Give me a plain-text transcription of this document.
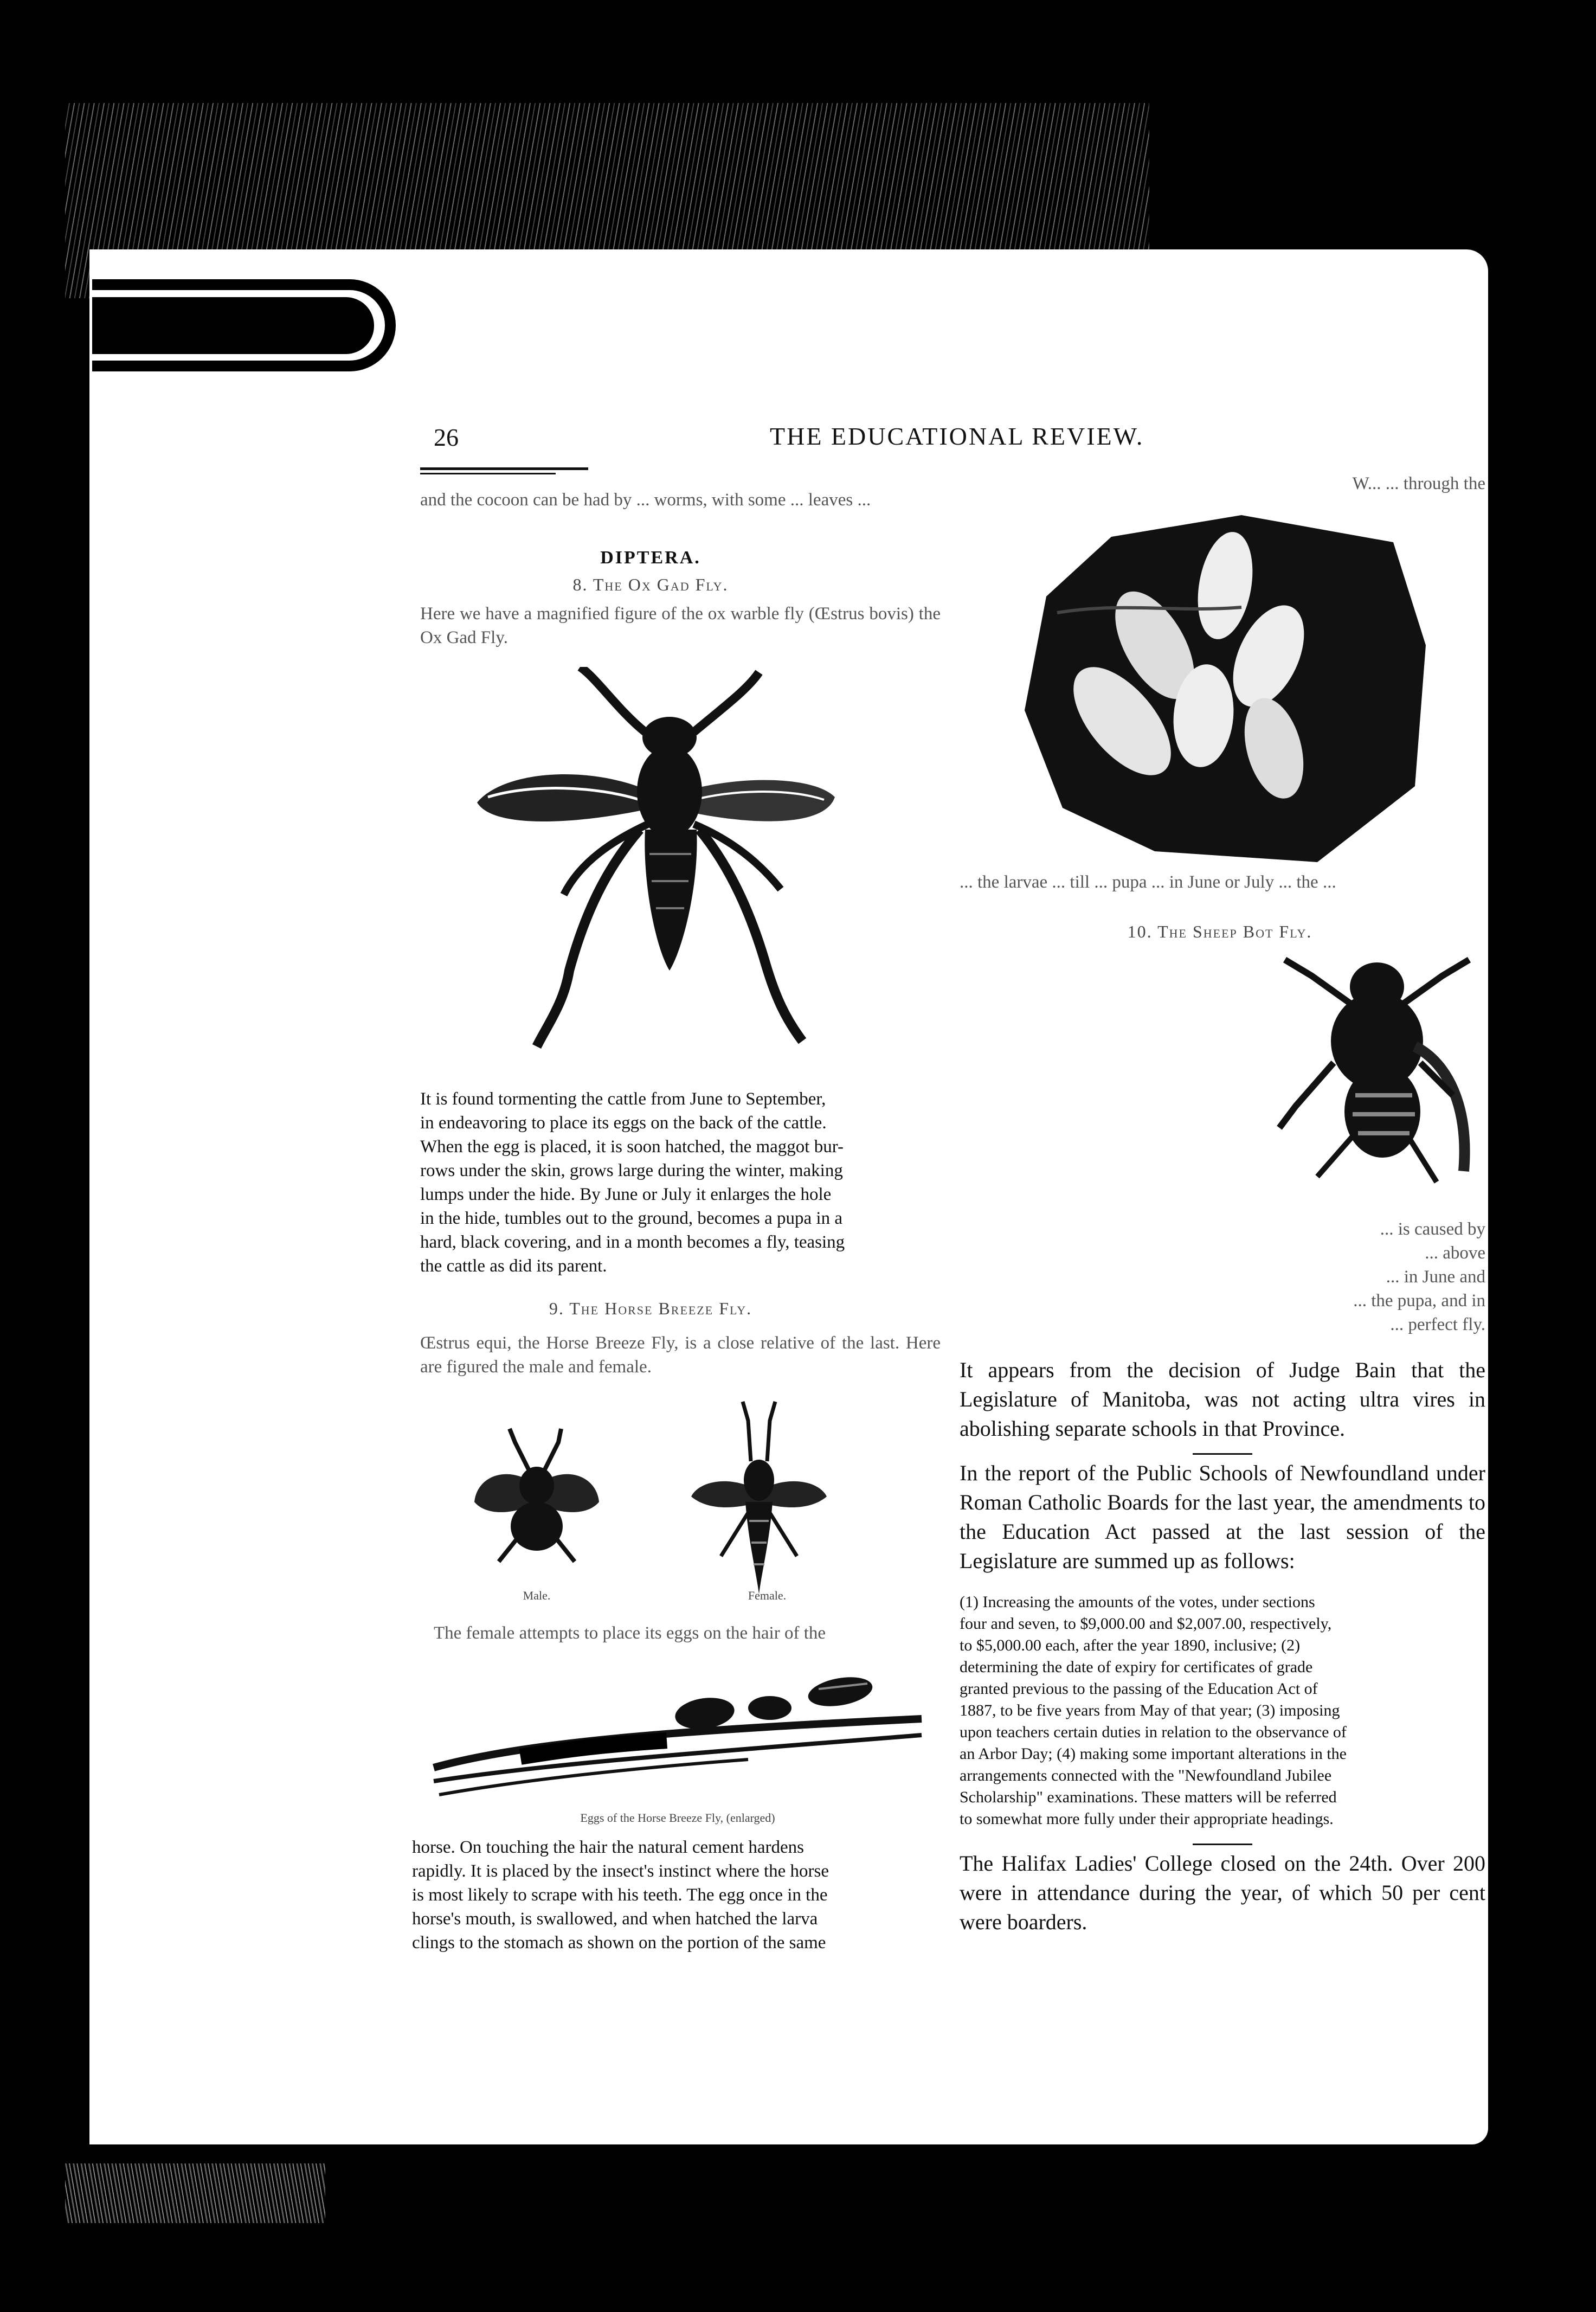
26	THE EDUCATIONAL REVIEW.
and the cocoon can be had by ... worms, with some ... leaves ...
DIPTERA.
8. The Ox Gad Fly.
Here we have a magnified figure of the ox warble fly (Œstrus bovis) the Ox Gad Fly.
It is found tormenting the cattle from June to September,
in endeavoring to place its eggs on the back of the cattle.
When the egg is placed, it is soon hatched, the maggot bur-
rows under the skin, grows large during the winter, making
lumps under the hide. By June or July it enlarges the hole
in the hide, tumbles out to the ground, becomes a pupa in a
hard, black covering, and in a month becomes a fly, teasing
the cattle as did its parent.
9. The Horse Breeze Fly.
Œstrus equi, the Horse Breeze Fly, is a close relative of the last. Here are figured the male and female.
Male.	Female.
The female attempts to place its eggs on the hair of the
Eggs of the Horse Breeze Fly, (enlarged)
horse. On touching the hair the natural cement hardens
rapidly. It is placed by the insect's instinct where the horse
is most likely to scrape with his teeth. The egg once in the
horse's mouth, is swallowed, and when hatched the larva
clings to the stomach as shown on the portion of the same
W... ... through the
... the larvae ... till ... pupa ... in June or July ... the ...
10. The Sheep Bot Fly.
... is caused by
... above
... in June and
... the pupa, and in
... perfect fly.
It appears from the decision of Judge Bain that the Legislature of Manitoba, was not acting ultra vires in abolishing separate schools in that Province.
In the report of the Public Schools of Newfoundland under Roman Catholic Boards for the last year, the amendments to the Education Act passed at the last session of the Legislature are summed up as follows:
(1) Increasing the amounts of the votes, under sections
four and seven, to $9,000.00 and $2,007.00, respectively,
to $5,000.00 each, after the year 1890, inclusive; (2)
determining the date of expiry for certificates of grade
granted previous to the passing of the Education Act of
1887, to be five years from May of that year; (3) imposing
upon teachers certain duties in relation to the observance of
an Arbor Day; (4) making some important alterations in the
arrangements connected with the "Newfoundland Jubilee
Scholarship" examinations. These matters will be referred
to somewhat more fully under their appropriate headings.
The Halifax Ladies' College closed on the 24th. Over 200 were in attendance during the year, of which 50 per cent were boarders.
